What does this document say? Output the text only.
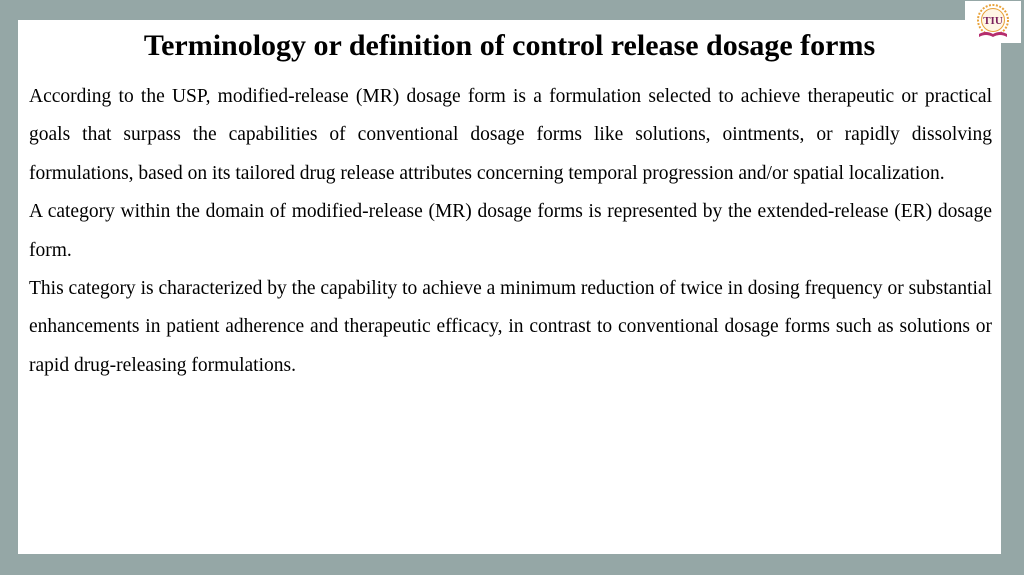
Terminology or definition of control release dosage forms

According to the USP, modified-release (MR) dosage form is a formulation selected to achieve therapeutic or practical goals that surpass the capabilities of conventional dosage forms like solutions, ointments, or rapidly dissolving formulations, based on its tailored drug release attributes concerning temporal progression and/or spatial localization.

A category within the domain of modified-release (MR) dosage forms is represented by the extended-release (ER) dosage form.

This category is characterized by the capability to achieve a minimum reduction of twice in dosing frequency or substantial enhancements in patient adherence and therapeutic efficacy, in contrast to conventional dosage forms such as solutions or rapid drug-releasing formulations.

TIU
